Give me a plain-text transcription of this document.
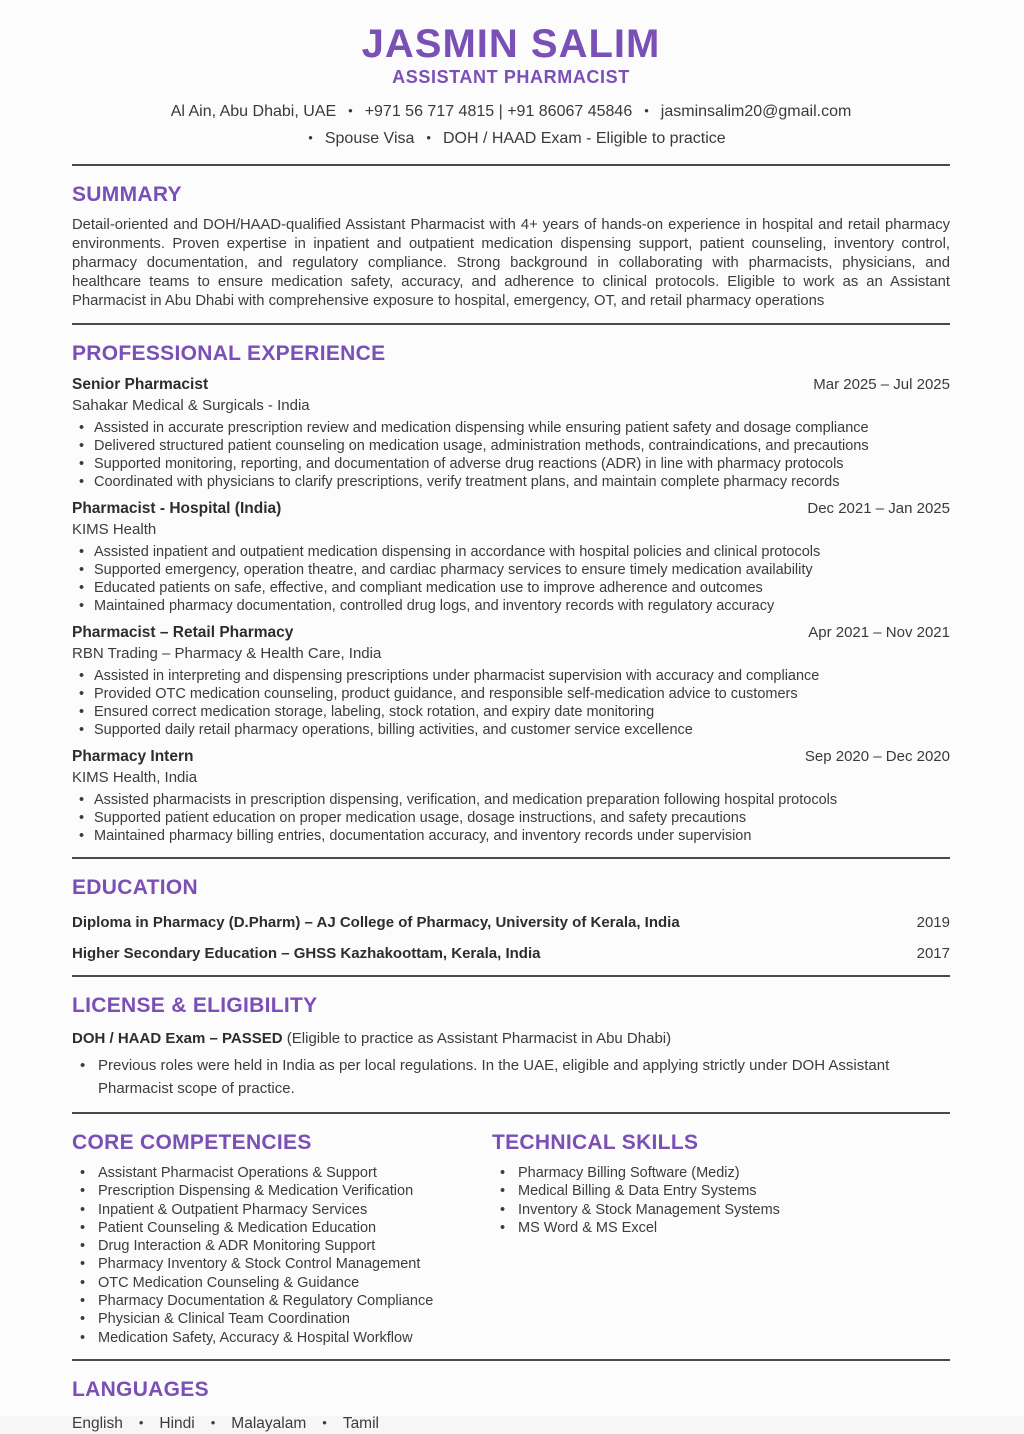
JASMIN SALIM
ASSISTANT PHARMACIST
Al Ain, Abu Dhabi, UAE • +971 56 717 4815 | +91 86067 45846 • jasminsalim20@gmail.com
• Spouse Visa • DOH / HAAD Exam - Eligible to practice
SUMMARY
Detail-oriented and DOH/HAAD-qualified Assistant Pharmacist with 4+ years of hands-on experience in hospital and retail pharmacy environments. Proven expertise in inpatient and outpatient medication dispensing support, patient counseling, inventory control, pharmacy documentation, and regulatory compliance. Strong background in collaborating with pharmacists, physicians, and healthcare teams to ensure medication safety, accuracy, and adherence to clinical protocols. Eligible to work as an Assistant Pharmacist in Abu Dhabi with comprehensive exposure to hospital, emergency, OT, and retail pharmacy operations
PROFESSIONAL EXPERIENCE
Senior Pharmacist	Mar 2025 – Jul 2025
Sahakar Medical & Surgicals - India
• Assisted in accurate prescription review and medication dispensing while ensuring patient safety and dosage compliance
• Delivered structured patient counseling on medication usage, administration methods, contraindications, and precautions
• Supported monitoring, reporting, and documentation of adverse drug reactions (ADR) in line with pharmacy protocols
• Coordinated with physicians to clarify prescriptions, verify treatment plans, and maintain complete pharmacy records
Pharmacist - Hospital (India)	Dec 2021 – Jan 2025
KIMS Health
• Assisted inpatient and outpatient medication dispensing in accordance with hospital policies and clinical protocols
• Supported emergency, operation theatre, and cardiac pharmacy services to ensure timely medication availability
• Educated patients on safe, effective, and compliant medication use to improve adherence and outcomes
• Maintained pharmacy documentation, controlled drug logs, and inventory records with regulatory accuracy
Pharmacist – Retail Pharmacy	Apr 2021 – Nov 2021
RBN Trading – Pharmacy & Health Care, India
• Assisted in interpreting and dispensing prescriptions under pharmacist supervision with accuracy and compliance
• Provided OTC medication counseling, product guidance, and responsible self-medication advice to customers
• Ensured correct medication storage, labeling, stock rotation, and expiry date monitoring
• Supported daily retail pharmacy operations, billing activities, and customer service excellence
Pharmacy Intern	Sep 2020 – Dec 2020
KIMS Health, India
• Assisted pharmacists in prescription dispensing, verification, and medication preparation following hospital protocols
• Supported patient education on proper medication usage, dosage instructions, and safety precautions
• Maintained pharmacy billing entries, documentation accuracy, and inventory records under supervision
EDUCATION
Diploma in Pharmacy (D.Pharm) – AJ College of Pharmacy, University of Kerala, India	2019
Higher Secondary Education – GHSS Kazhakoottam, Kerala, India	2017
LICENSE & ELIGIBILITY
DOH / HAAD Exam – PASSED (Eligible to practice as Assistant Pharmacist in Abu Dhabi)
• Previous roles were held in India as per local regulations. In the UAE, eligible and applying strictly under DOH Assistant Pharmacist scope of practice.
CORE COMPETENCIES
• Assistant Pharmacist Operations & Support
• Prescription Dispensing & Medication Verification
• Inpatient & Outpatient Pharmacy Services
• Patient Counseling & Medication Education
• Drug Interaction & ADR Monitoring Support
• Pharmacy Inventory & Stock Control Management
• OTC Medication Counseling & Guidance
• Pharmacy Documentation & Regulatory Compliance
• Physician & Clinical Team Coordination
• Medication Safety, Accuracy & Hospital Workflow
TECHNICAL SKILLS
• Pharmacy Billing Software (Mediz)
• Medical Billing & Data Entry Systems
• Inventory & Stock Management Systems
• MS Word & MS Excel
LANGUAGES
English • Hindi • Malayalam • Tamil
